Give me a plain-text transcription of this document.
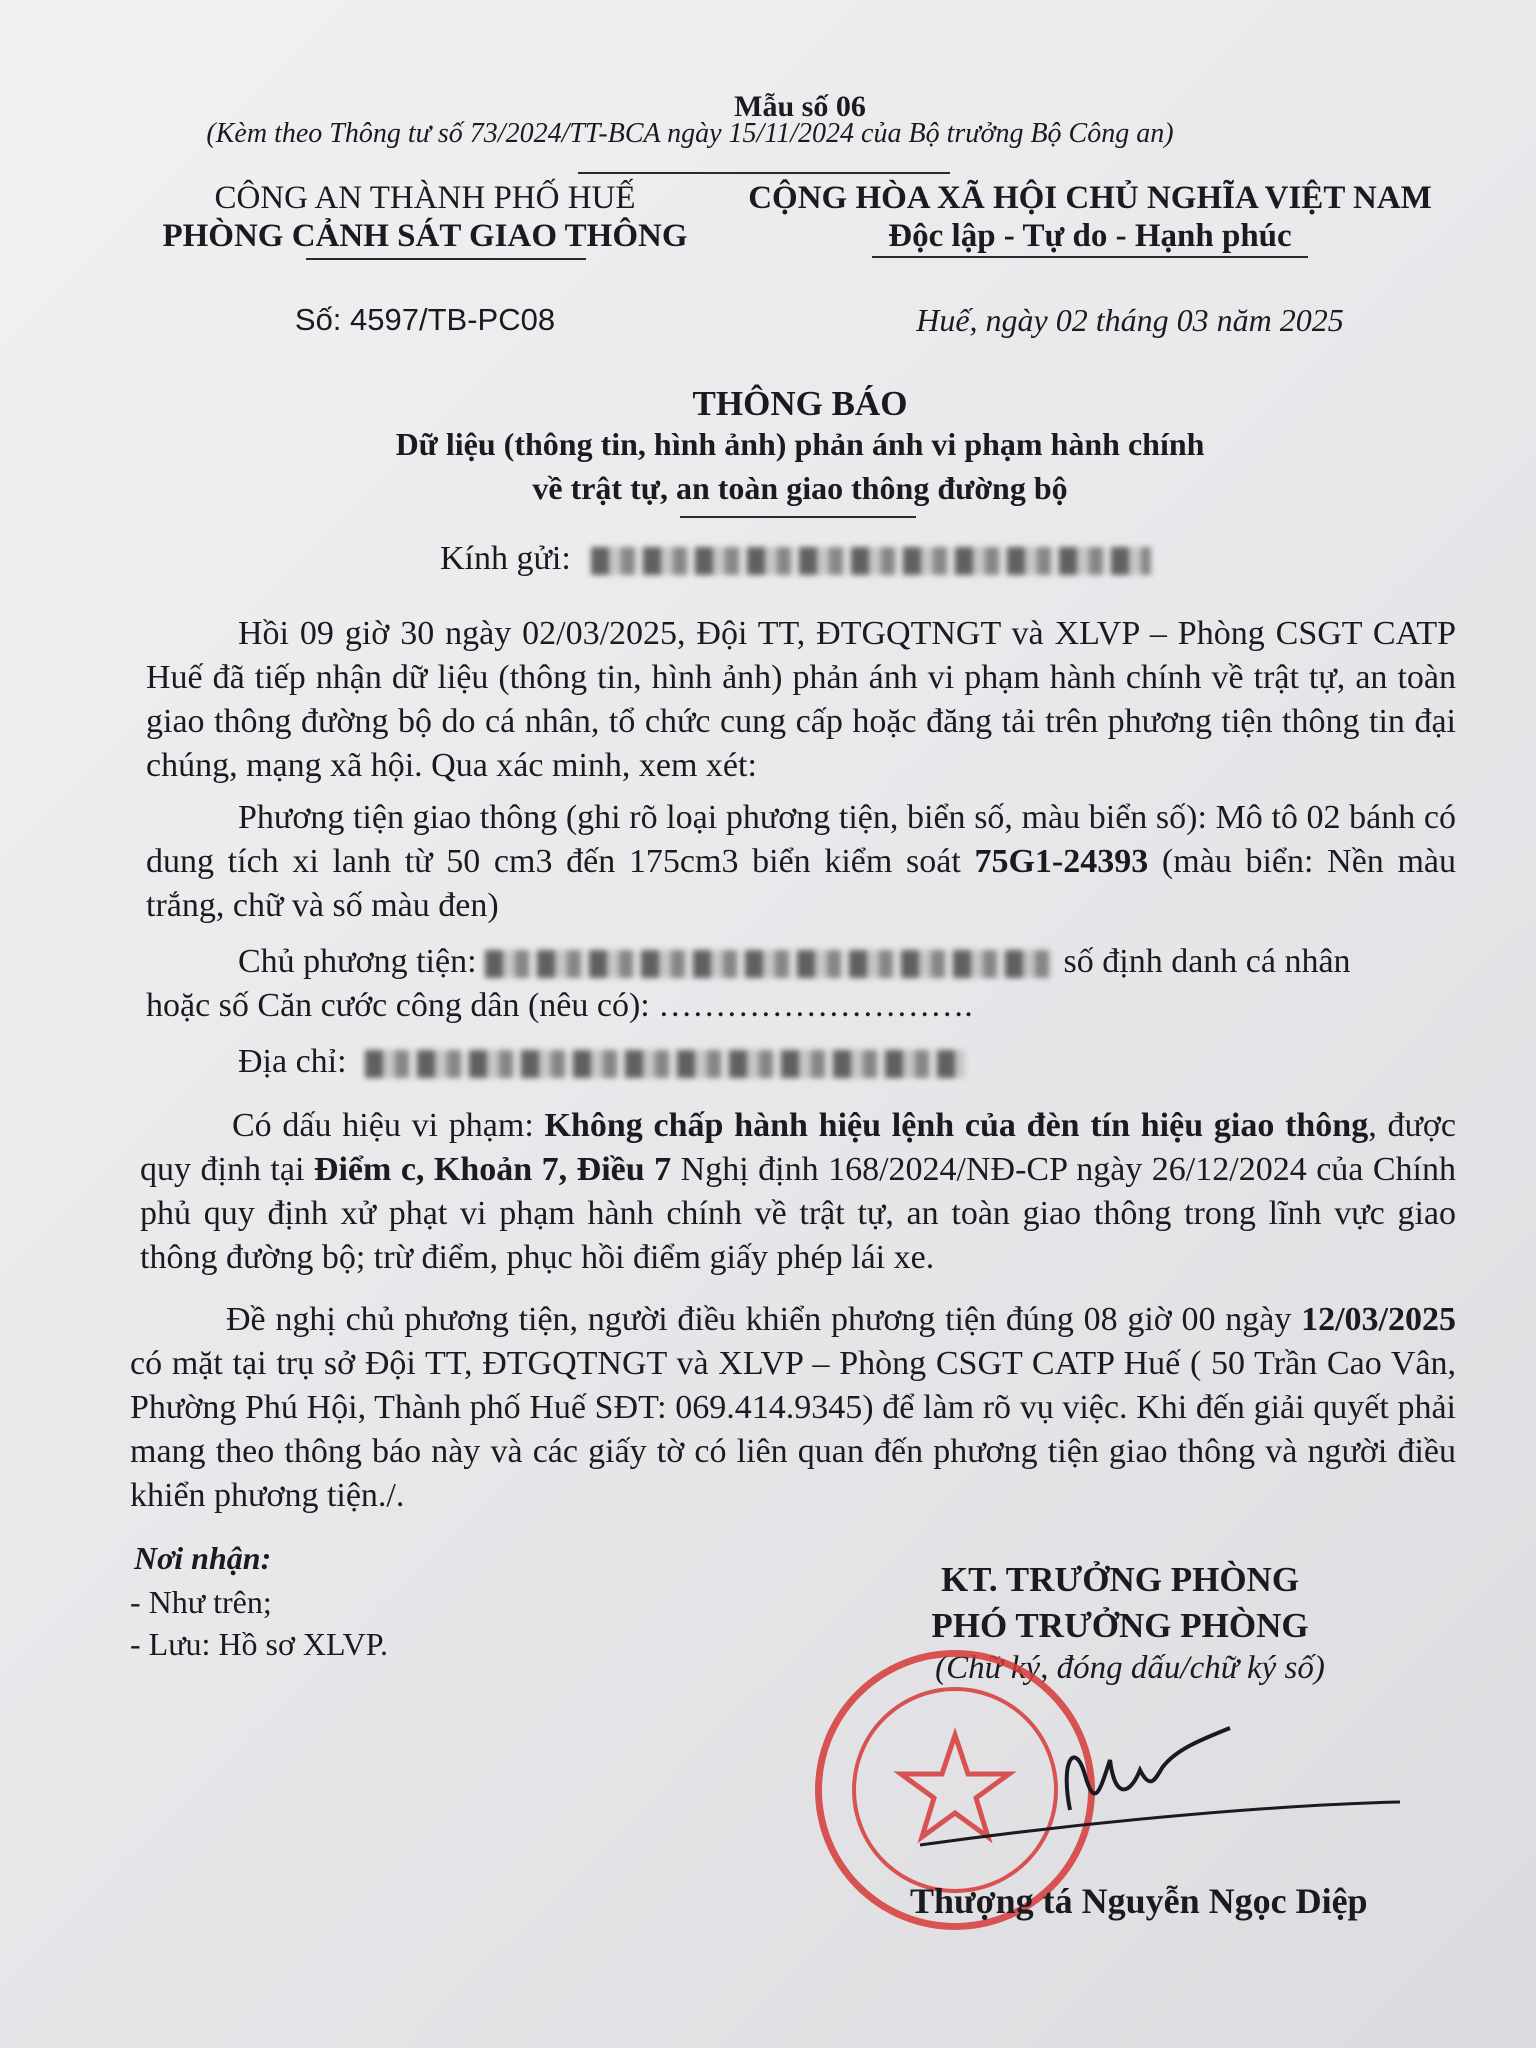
Mẫu số 06
(Kèm theo Thông tư số 73/2024/TT-BCA ngày 15/11/2024 của Bộ trưởng Bộ Công an)
CÔNG AN THÀNH PHỐ HUẾ
PHÒNG CẢNH SÁT GIAO THÔNG
Số: 4597/TB-PC08
CỘNG HÒA XÃ HỘI CHỦ NGHĨA VIỆT NAM
Độc lập - Tự do - Hạnh phúc
Huế, ngày 02 tháng 03 năm 2025
THÔNG BÁO
Dữ liệu (thông tin, hình ảnh) phản ánh vi phạm hành chính
về trật tự, an toàn giao thông đường bộ
Kính gửi:
Hồi 09 giờ 30 ngày 02/03/2025, Đội TT, ĐTGQTNGT và XLVP – Phòng CSGT CATP Huế đã tiếp nhận dữ liệu (thông tin, hình ảnh) phản ánh vi phạm hành chính về trật tự, an toàn giao thông đường bộ do cá nhân, tổ chức cung cấp hoặc đăng tải trên phương tiện thông tin đại chúng, mạng xã hội. Qua xác minh, xem xét:
Phương tiện giao thông (ghi rõ loại phương tiện, biển số, màu biển số): Mô tô 02 bánh có dung tích xi lanh từ 50 cm3 đến 175cm3 biển kiểm soát 75G1-24393 (màu biển: Nền màu trắng, chữ và số màu đen)
Chủ phương tiện:	số định danh cá nhân
hoặc số Căn cước công dân (nêu có): ……………………….
Địa chỉ:
Có dấu hiệu vi phạm: Không chấp hành hiệu lệnh của đèn tín hiệu giao thông, được quy định tại Điểm c, Khoản 7, Điều 7 Nghị định 168/2024/NĐ-CP ngày 26/12/2024 của Chính phủ quy định xử phạt vi phạm hành chính về trật tự, an toàn giao thông trong lĩnh vực giao thông đường bộ; trừ điểm, phục hồi điểm giấy phép lái xe.
Đề nghị chủ phương tiện, người điều khiển phương tiện đúng 08 giờ 00 ngày 12/03/2025 có mặt tại trụ sở Đội TT, ĐTGQTNGT và XLVP – Phòng CSGT CATP Huế ( 50 Trần Cao Vân, Phường Phú Hội, Thành phố Huế SĐT: 069.414.9345) để làm rõ vụ việc. Khi đến giải quyết phải mang theo thông báo này và các giấy tờ có liên quan đến phương tiện giao thông và người điều khiển phương tiện./.
Nơi nhận:
- Như trên;
- Lưu: Hồ sơ XLVP.
KT. TRƯỞNG PHÒNG
PHÓ TRƯỞNG PHÒNG
(Chữ ký, đóng dấu/chữ ký số)
Thượng tá Nguyễn Ngọc Diệp
